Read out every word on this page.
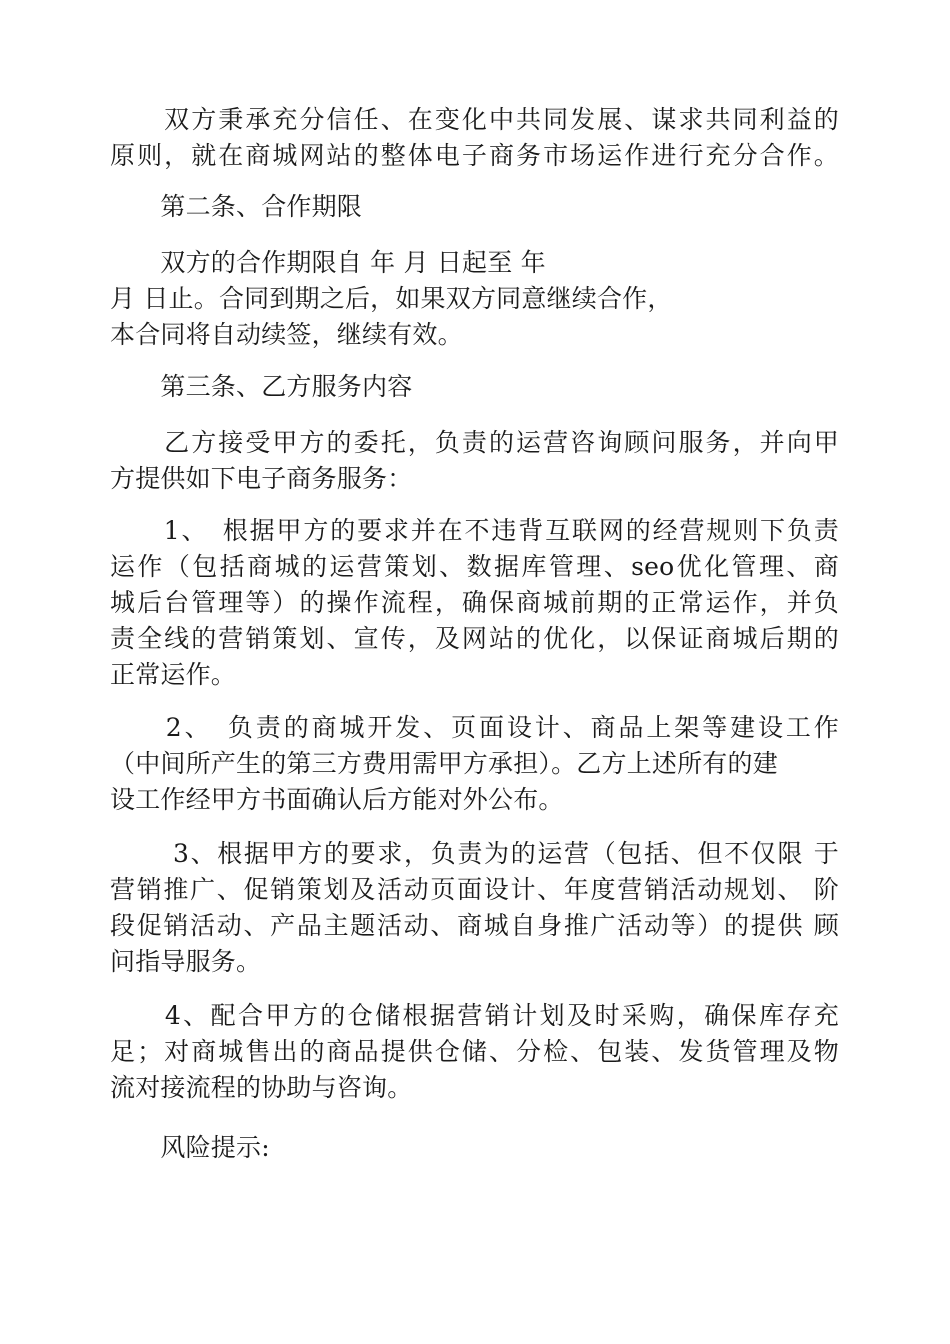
　　双方秉承充分信任、在变化中共同发展、谋求共同利益的
原则，就在商城网站的整体电子商务市场运作进行充分合作。
　　第二条、合作期限
　　双方的合作期限自 年 月 日起至 年
月 日止。合同到期之后，如果双方同意继续合作，
本合同将自动续签，继续有效。
　　第三条、乙方服务内容
　　乙方接受甲方的委托，负责的运营咨询顾问服务，并向甲
方提供如下电子商务服务：
　　1、　根据甲方的要求并在不违背互联网的经营规则下负责
运作（包括商城的运营策划、数据库管理、seo优化管理、商
城后台管理等）的操作流程，确保商城前期的正常运作，并负
责全线的营销策划、宣传，及网站的优化，以保证商城后期的
正常运作。
　　2、　负责的商城开发、页面设计、商品上架等建设工作
（中间所产生的第三方费用需甲方承担）。乙方上述所有的建
设工作经甲方书面确认后方能对外公布。
　　 3、根据甲方的要求，负责为的运营（包括、但不仅限 于
营销推广、促销策划及活动页面设计、年度营销活动规划、 阶
段促销活动、产品主题活动、商城自身推广活动等）的提供 顾
问指导服务。
　　4、配合甲方的仓储根据营销计划及时采购，确保库存充
足；对商城售出的商品提供仓储、分检、包装、发货管理及物
流对接流程的协助与咨询。
　　风险提示:
